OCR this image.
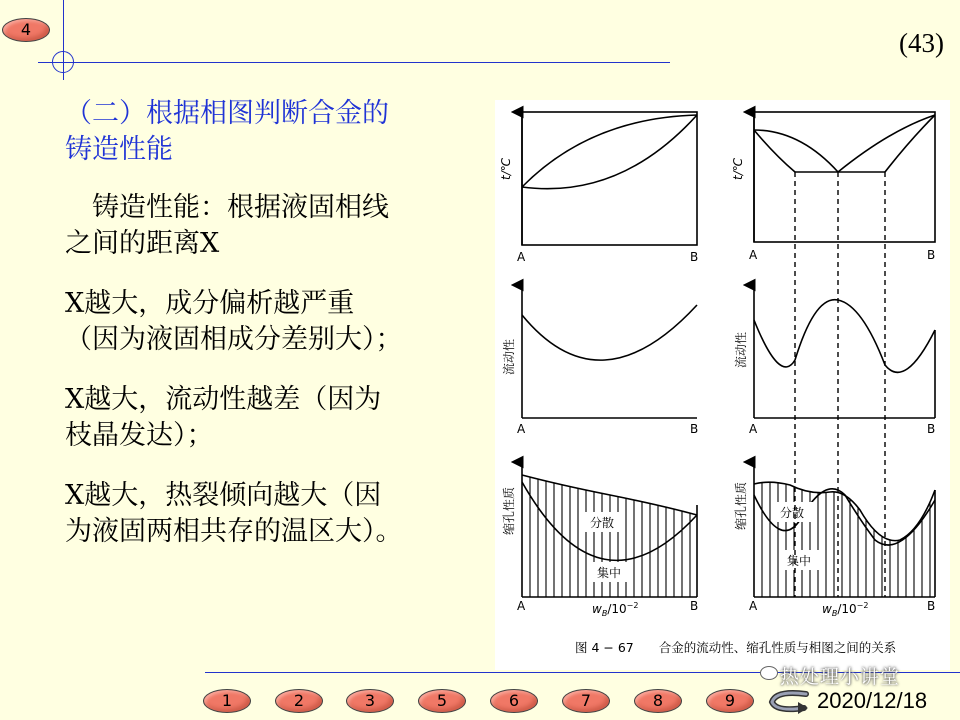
4	(43)
（二）根据相图判断合金的
铸造性能
　铸造性能：根据液固相线
之间的距离X
X越大，成分偏析越严重
（因为液固相成分差别大）；
X越大，流动性越差（因为
枝晶发达）；
X越大，热裂倾向越大（因
为液固两相共存的温区大）。
t/℃	t/℃
流动性	流动性
缩孔性质	缩孔性质
A	B	A	B
A	B	A	B
A	B	A	B
分散
集中
分散
集中
$w_B/10^{-2}$	$w_B/10^{-2}$
图 4 − 67　　合金的流动性、缩孔性质与相图之间的关系
热处理小讲堂
1	2	3	5	6	7	8	9	2020/12/18
